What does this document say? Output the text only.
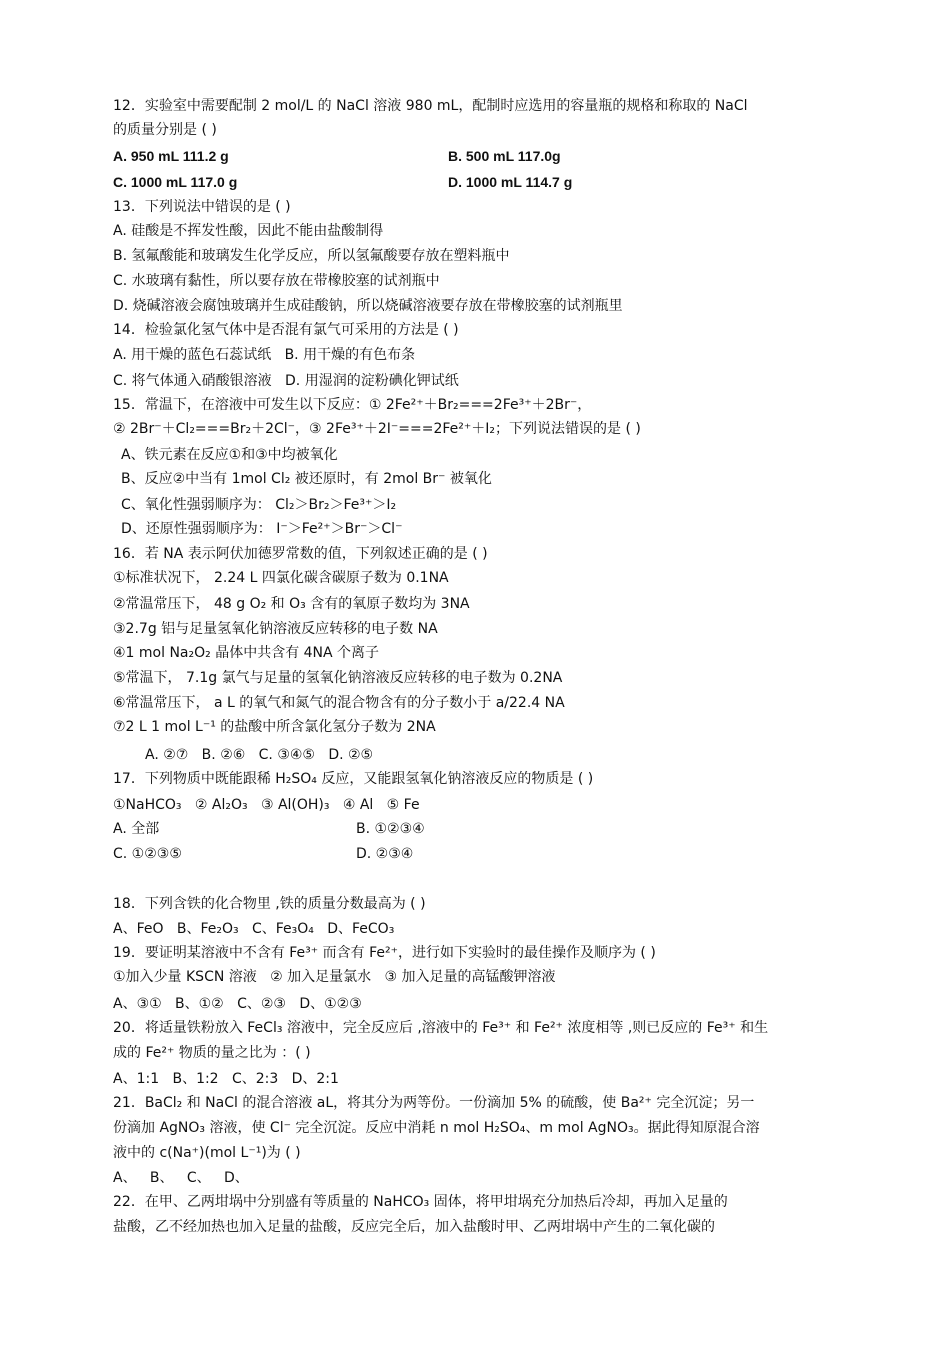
12．实验室中需要配制 2 mol/L 的 NaCl 溶液 980 mL，配制时应选用的容量瓶的规格和称取的 NaCl
的质量分别是 ( )
A. 950 mL 111.2 g	B. 500 mL 117.0g
C. 1000 mL 117.0 g	D. 1000 mL 114.7 g
13．下列说法中错误的是 ( )
A. 硅酸是不挥发性酸，因此不能由盐酸制得
B. 氢氟酸能和玻璃发生化学反应，所以氢氟酸要存放在塑料瓶中
C. 水玻璃有黏性，所以要存放在带橡胶塞的试剂瓶中
D. 烧碱溶液会腐蚀玻璃并生成硅酸钠，所以烧碱溶液要存放在带橡胶塞的试剂瓶里
14．检验氯化氢气体中是否混有氯气可采用的方法是 ( )
A. 用干燥的蓝色石蕊试纸   B. 用干燥的有色布条
C. 将气体通入硝酸银溶液   D. 用湿润的淀粉碘化钾试纸
15．常温下，在溶液中可发生以下反应：① 2Fe²⁺＋Br₂===2Fe³⁺＋2Br⁻，
② 2Br⁻＋Cl₂===Br₂＋2Cl⁻，③ 2Fe³⁺＋2I⁻===2Fe²⁺＋I₂；下列说法错误的是 ( )
A、铁元素在反应①和③中均被氧化
B、反应②中当有 1mol Cl₂ 被还原时，有 2mol Br⁻ 被氧化
C、氧化性强弱顺序为： Cl₂＞Br₂＞Fe³⁺＞I₂
D、还原性强弱顺序为： I⁻＞Fe²⁺＞Br⁻＞Cl⁻
16．若 NA 表示阿伏加德罗常数的值，下列叙述正确的是 ( )
①标准状况下， 2.24 L 四氯化碳含碳原子数为 0.1NA
②常温常压下， 48 g O₂ 和 O₃ 含有的氧原子数均为 3NA
③2.7g 铝与足量氢氧化钠溶液反应转移的电子数 NA
④1 mol Na₂O₂ 晶体中共含有 4NA 个离子
⑤常温下， 7.1g 氯气与足量的氢氧化钠溶液反应转移的电子数为 0.2NA
⑥常温常压下， a L 的氧气和氮气的混合物含有的分子数小于 a/22.4 NA
⑦2 L 1 mol L⁻¹ 的盐酸中所含氯化氢分子数为 2NA
A. ②⑦   B. ②⑥   C. ③④⑤   D. ②⑤
17．下列物质中既能跟稀 H₂SO₄ 反应，又能跟氢氧化钠溶液反应的物质是 ( )
①NaHCO₃   ② Al₂O₃   ③ Al(OH)₃   ④ Al   ⑤ Fe
A. 全部	B. ①②③④
C. ①②③⑤	D. ②③④
18．下列含铁的化合物里 ,铁的质量分数最高为 ( )
A、FeO   B、Fe₂O₃   C、Fe₃O₄   D、FeCO₃
19．要证明某溶液中不含有 Fe³⁺ 而含有 Fe²⁺，进行如下实验时的最佳操作及顺序为 ( )
①加入少量 KSCN 溶液   ② 加入足量氯水   ③ 加入足量的高锰酸钾溶液
A、③①   B、①②   C、②③   D、①②③
20．将适量铁粉放入 FeCl₃ 溶液中，完全反应后 ,溶液中的 Fe³⁺ 和 Fe²⁺ 浓度相等 ,则已反应的 Fe³⁺ 和生
成的 Fe²⁺ 物质的量之比为 ：( )
A、1:1   B、1:2   C、2:3   D、2:1
21．BaCl₂ 和 NaCl 的混合溶液 aL，将其分为两等份。一份滴加 5% 的硫酸，使 Ba²⁺ 完全沉淀；另一
份滴加 AgNO₃ 溶液，使 Cl⁻ 完全沉淀。反应中消耗 n mol H₂SO₄、m mol AgNO₃。据此得知原混合溶
液中的 c(Na⁺)(mol L⁻¹)为 ( )
A、   B、   C、   D、
22．在甲、乙两坩埚中分别盛有等质量的 NaHCO₃ 固体，将甲坩埚充分加热后冷却，再加入足量的
盐酸，乙不经加热也加入足量的盐酸，反应完全后，加入盐酸时甲、乙两坩埚中产生的二氧化碳的
